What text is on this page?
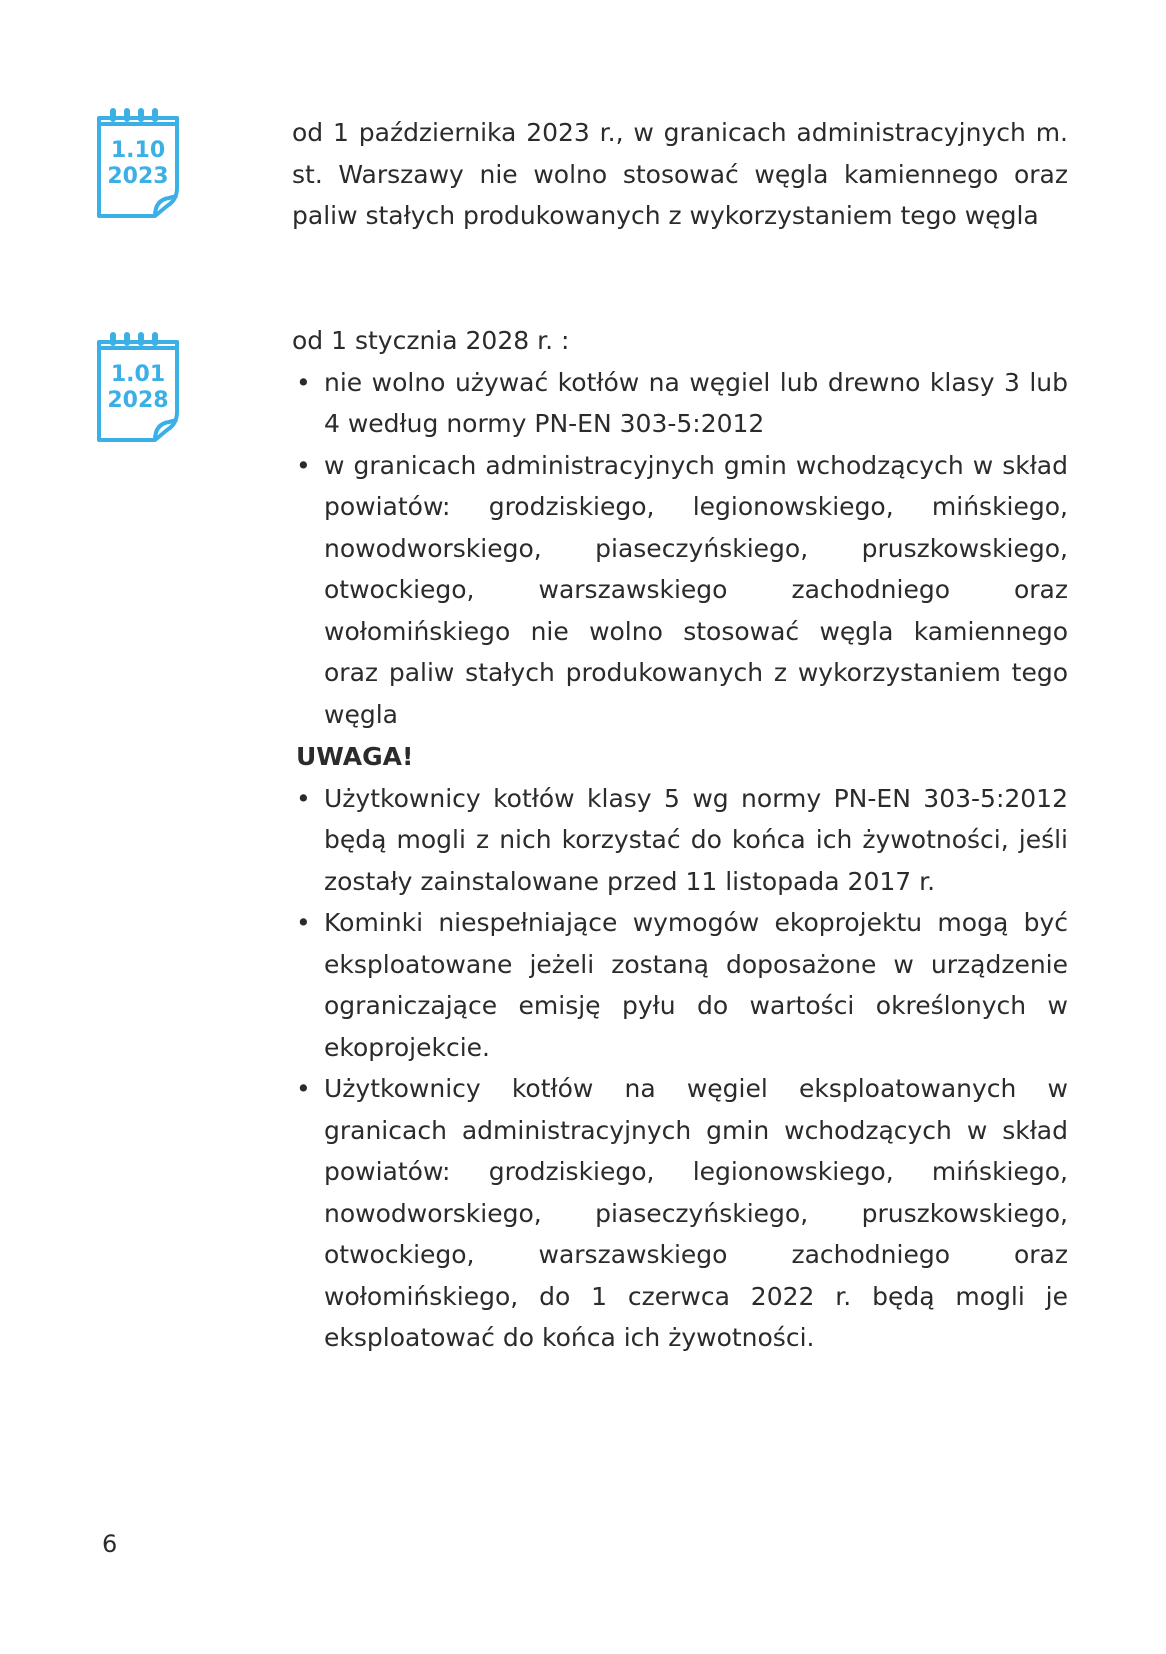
1.10
2023
1.01
2028

od 1 października 2023 r., w granicach administracyjnych m. st. Warszawy nie wolno stosować węgla kamiennego oraz paliw stałych produkowanych z wykorzystaniem tego węgla

od 1 stycznia 2028 r. :

• nie wolno używać kotłów na węgiel lub drewno klasy 3 lub 4 według normy PN-EN 303-5:2012
• w granicach administracyjnych gmin wchodzących w skład powiatów: grodziskiego, legionowskiego, mińskiego, nowodworskiego, piaseczyńskiego, pruszkowskiego, otwockiego, warszawskiego zachodniego oraz wołomińskiego nie wolno stosować węgla kamiennego oraz paliw stałych produkowanych z wykorzystaniem tego węgla

UWAGA!

• Użytkownicy kotłów klasy 5 wg normy PN-EN 303-5:2012 będą mogli z nich korzystać do końca ich żywotności, jeśli zostały zainstalowane przed 11 listopada 2017 r.
• Kominki niespełniające wymogów ekoprojektu mogą być eksploatowane jeżeli zostaną doposażone w urządzenie ograniczające emisję pyłu do wartości określonych w ekoprojekcie.
• Użytkownicy kotłów na węgiel eksploatowanych w granicach administracyjnych gmin wchodzących w skład powiatów: grodziskiego, legionowskiego, mińskiego, nowodworskiego, piaseczyńskiego, pruszkowskiego, otwockiego, warszawskiego zachodniego oraz wołomińskiego, do 1 czerwca 2022 r. będą mogli je eksploatować do końca ich żywotności.
6
